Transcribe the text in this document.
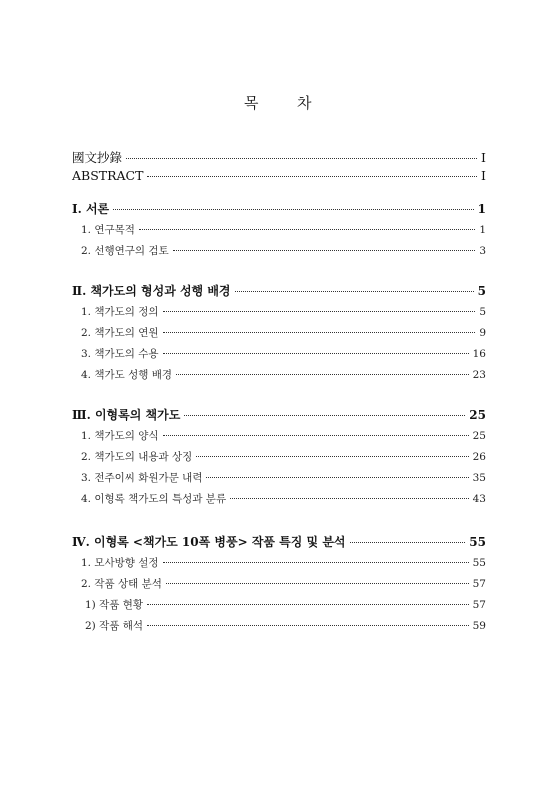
목	차
國文抄錄	I
ABSTRACT	I
Ⅰ. 서론	1
1. 연구목적	1
2. 선행연구의 검토	3
Ⅱ. 책가도의 형성과 성행 배경	5
1. 책가도의 정의	5
2. 책가도의 연원	9
3. 책가도의 수용	16
4. 책가도 성행 배경	23
Ⅲ. 이형록의 책가도	25
1. 책가도의 양식	25
2. 책가도의 내용과 상징	26
3. 전주이씨 화원가문 내력	35
4. 이형록 책가도의 특성과 분류	43
Ⅳ. 이형록 <책가도 10폭 병풍> 작품 특징 및 분석	55
1. 모사방향 설정	55
2. 작품 상태 분석	57
1) 작품 현황	57
2) 작품 해석	59
